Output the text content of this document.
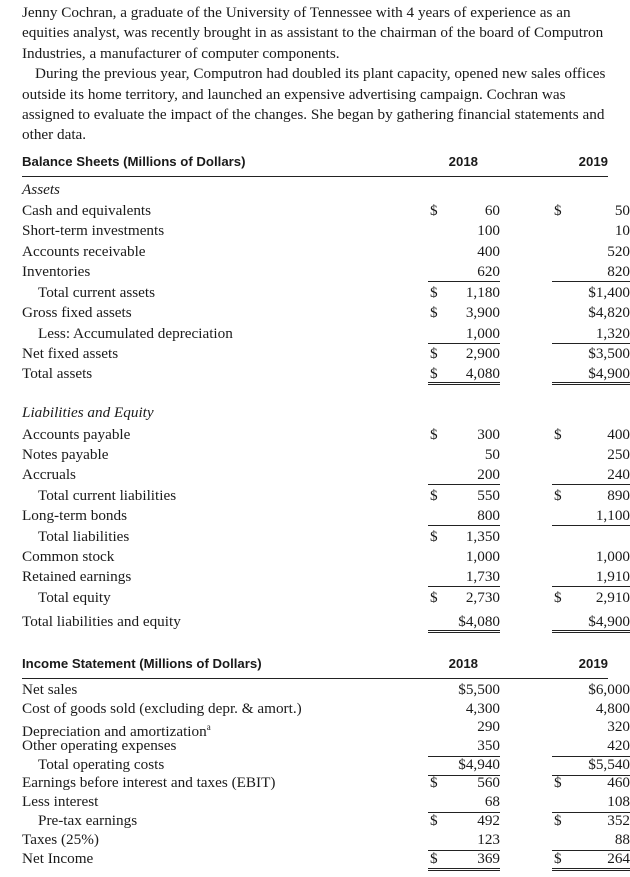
Jenny Cochran, a graduate of the University of Tennessee with 4 years of experience as an equities analyst, was recently brought in as assistant to the chairman of the board of Computron Industries, a manufacturer of computer components.

During the previous year, Computron had doubled its plant capacity, opened new sales offices outside its home territory, and launched an expensive advertising campaign. Cochran was assigned to evaluate the impact of the changes. She began by gathering financial statements and other data.

Balance Sheets (Millions of Dollars)	2018	2019
Assets
Cash and equivalents	$	60	$	50
Short-term investments	100	10
Accounts receivable	400	520
Inventories	620	820
Total current assets	$ 1,180	$1,400
Gross fixed assets	$ 3,900	$4,820
Less: Accumulated depreciation	1,000	1,320
Net fixed assets	$ 2,900	$3,500
Total assets	$ 4,080	$4,900
Liabilities and Equity
Accounts payable	$	300	$	400
Notes payable	50	250
Accruals	200	240
Total current liabilities	$	550	$	890
Long-term bonds	800	1,100
Total liabilities	$ 1,350
Common stock	1,000	1,000
Retained earnings	1,730	1,910
Total equity	$ 2,730	$ 2,910
Total liabilities and equity	$4,080	$4,900
Income Statement (Millions of Dollars)	2018	2019
Net sales	$5,500	$6,000
Cost of goods sold (excluding depr. & amort.)	4,300	4,800
Depreciation and amortization$^a$	290	320
Other operating expenses	350	420
Total operating costs	$4,940	$5,540
Earnings before interest and taxes (EBIT)	$	560	$	460
Less interest	68	108
Pre-tax earnings	$	492	$	352
Taxes (25%)	123	88
Net Income	$	369	$	264
